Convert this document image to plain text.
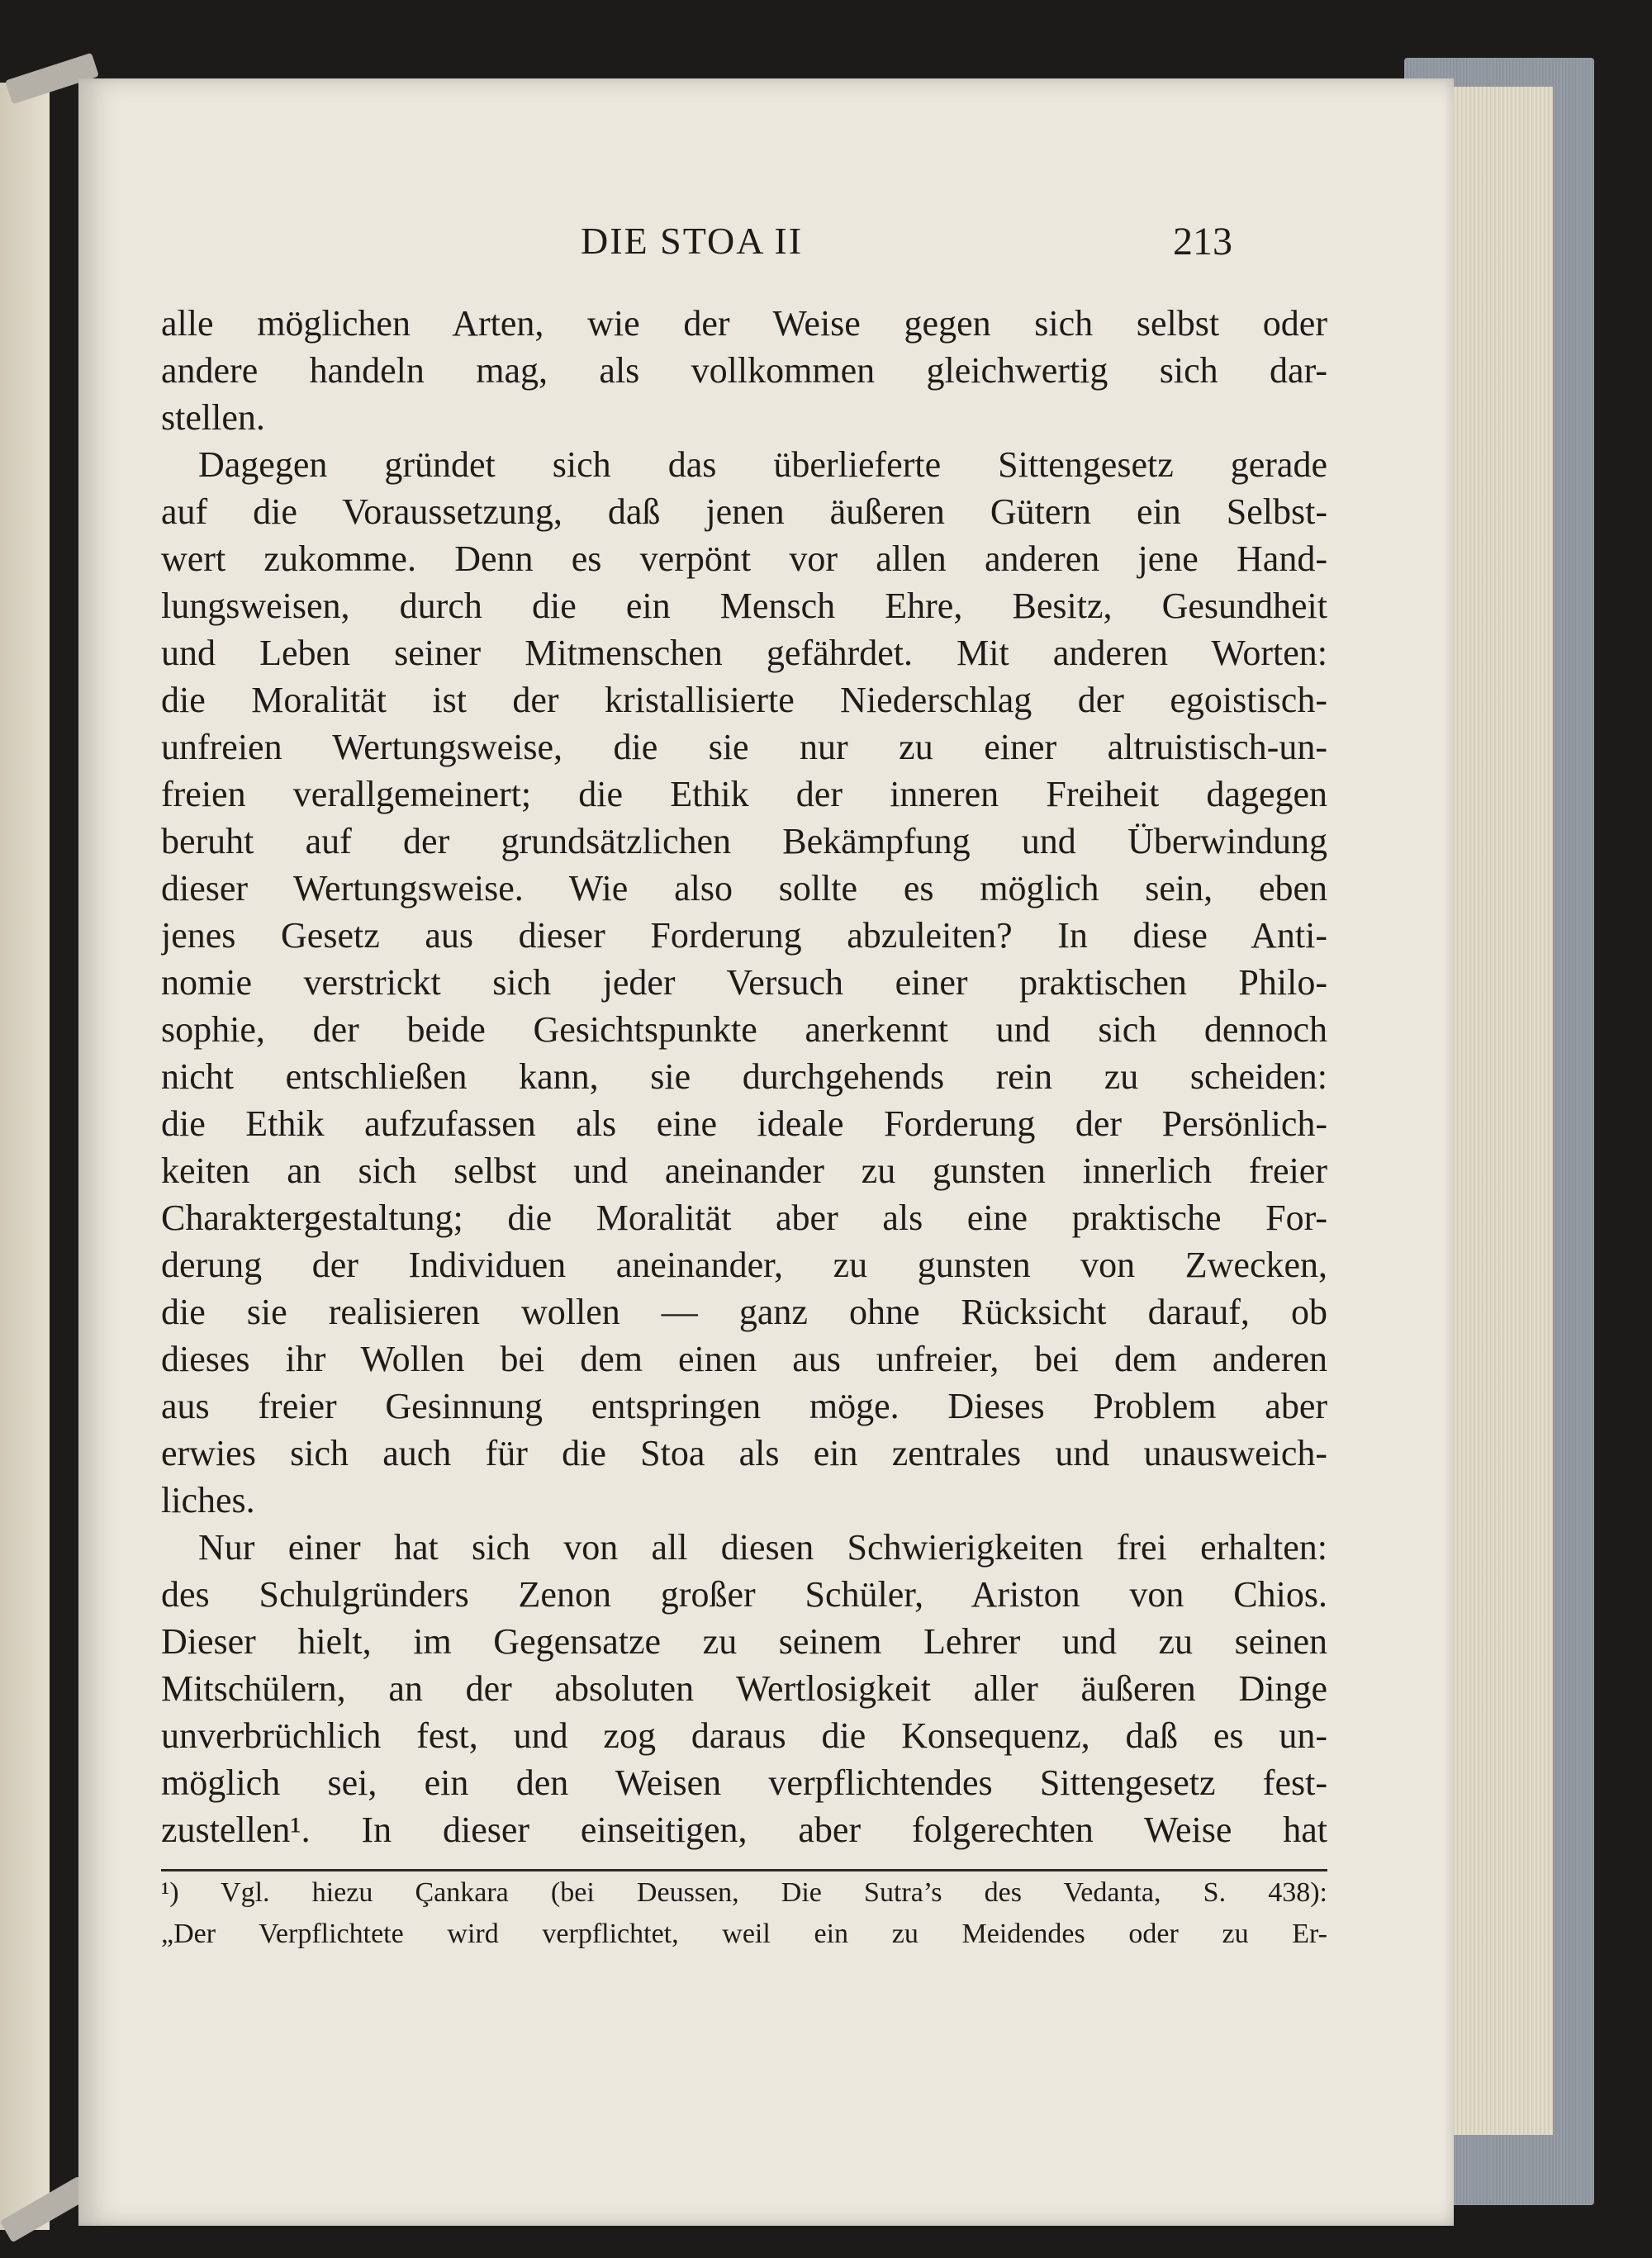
DIE STOA II	213
alle möglichen Arten, wie der Weise gegen sich selbst oder
andere handeln mag, als vollkommen gleichwertig sich dar-
stellen.
Dagegen gründet sich das überlieferte Sittengesetz gerade
auf die Voraussetzung, daß jenen äußeren Gütern ein Selbst-
wert zukomme. Denn es verpönt vor allen anderen jene Hand-
lungsweisen, durch die ein Mensch Ehre, Besitz, Gesundheit
und Leben seiner Mitmenschen gefährdet. Mit anderen Worten:
die Moralität ist der kristallisierte Niederschlag der egoistisch-
unfreien Wertungsweise, die sie nur zu einer altruistisch-un-
freien verallgemeinert; die Ethik der inneren Freiheit dagegen
beruht auf der grundsätzlichen Bekämpfung und Überwindung
dieser Wertungsweise. Wie also sollte es möglich sein, eben
jenes Gesetz aus dieser Forderung abzuleiten? In diese Anti-
nomie verstrickt sich jeder Versuch einer praktischen Philo-
sophie, der beide Gesichtspunkte anerkennt und sich dennoch
nicht entschließen kann, sie durchgehends rein zu scheiden:
die Ethik aufzufassen als eine ideale Forderung der Persönlich-
keiten an sich selbst und aneinander zu gunsten innerlich freier
Charaktergestaltung; die Moralität aber als eine praktische For-
derung der Individuen aneinander, zu gunsten von Zwecken,
die sie realisieren wollen — ganz ohne Rücksicht darauf, ob
dieses ihr Wollen bei dem einen aus unfreier, bei dem anderen
aus freier Gesinnung entspringen möge. Dieses Problem aber
erwies sich auch für die Stoa als ein zentrales und unausweich-
liches.
Nur einer hat sich von all diesen Schwierigkeiten frei erhalten:
des Schulgründers Zenon großer Schüler, Ariston von Chios.
Dieser hielt, im Gegensatze zu seinem Lehrer und zu seinen
Mitschülern, an der absoluten Wertlosigkeit aller äußeren Dinge
unverbrüchlich fest, und zog daraus die Konsequenz, daß es un-
möglich sei, ein den Weisen verpflichtendes Sittengesetz fest-
zustellen¹. In dieser einseitigen, aber folgerechten Weise hat
¹) Vgl. hiezu Çankara (bei Deussen, Die Sutra’s des Vedanta, S. 438):
„Der Verpflichtete wird verpflichtet, weil ein zu Meidendes oder zu Er-
